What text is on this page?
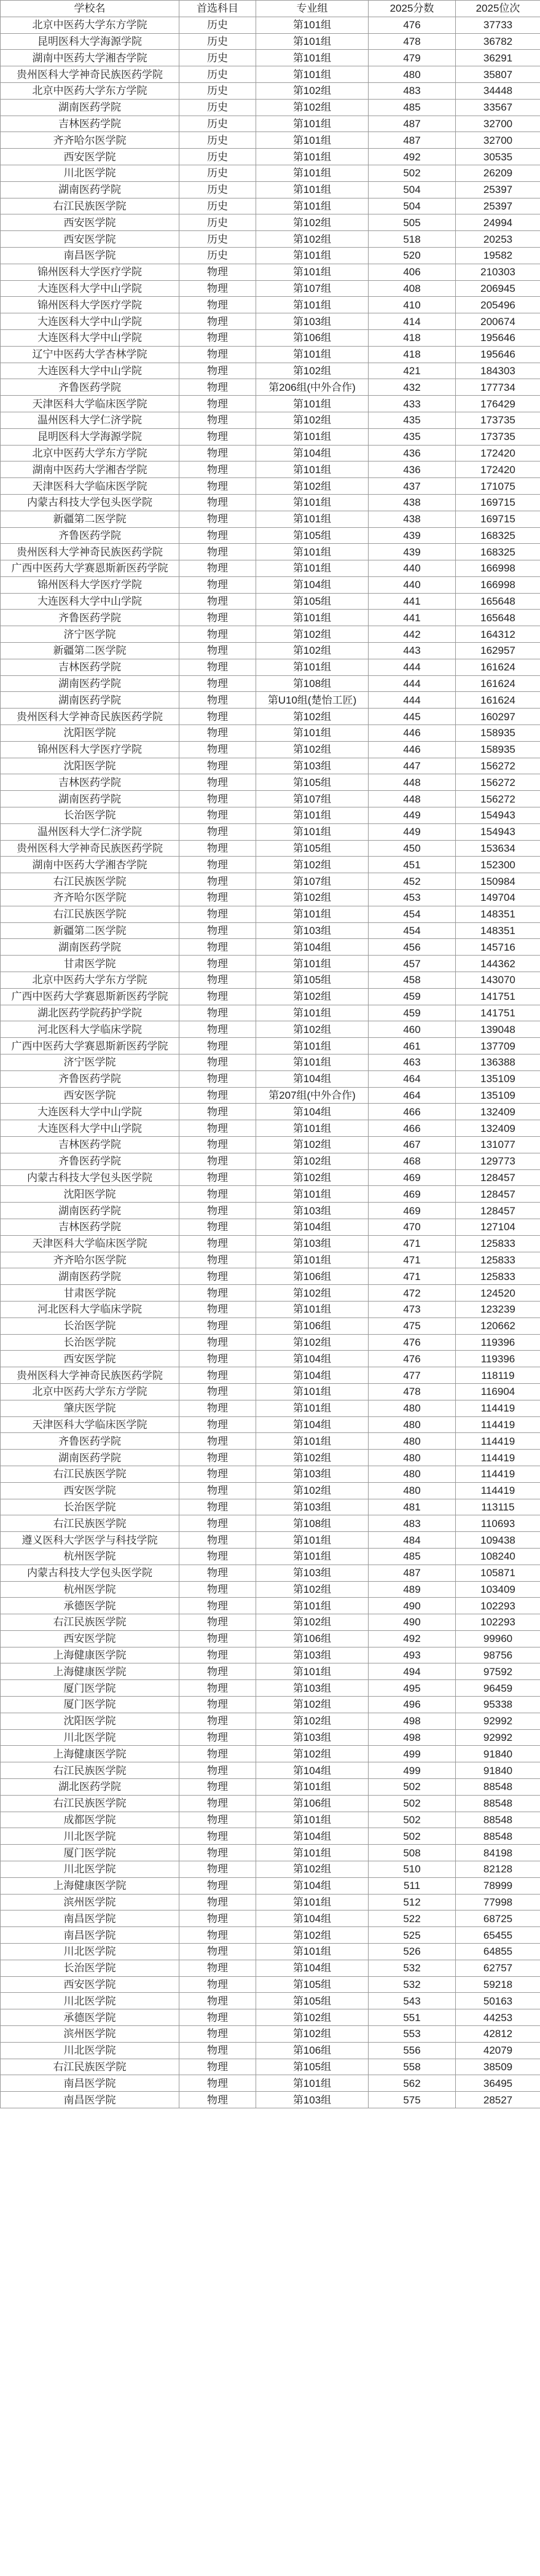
学校名	首选科目	专业组	2025分数	2025位次
北京中医药大学东方学院	历史	第101组	476	37733
昆明医科大学海源学院	历史	第101组	478	36782
湖南中医药大学湘杏学院	历史	第101组	479	36291
贵州医科大学神奇民族医药学院	历史	第101组	480	35807
北京中医药大学东方学院	历史	第102组	483	34448
湖南医药学院	历史	第102组	485	33567
吉林医药学院	历史	第101组	487	32700
齐齐哈尔医学院	历史	第101组	487	32700
西安医学院	历史	第101组	492	30535
川北医学院	历史	第101组	502	26209
湖南医药学院	历史	第101组	504	25397
右江民族医学院	历史	第101组	504	25397
西安医学院	历史	第102组	505	24994
西安医学院	历史	第102组	518	20253
南昌医学院	历史	第101组	520	19582
锦州医科大学医疗学院	物理	第101组	406	210303
大连医科大学中山学院	物理	第107组	408	206945
锦州医科大学医疗学院	物理	第101组	410	205496
大连医科大学中山学院	物理	第103组	414	200674
大连医科大学中山学院	物理	第106组	418	195646
辽宁中医药大学杏林学院	物理	第101组	418	195646
大连医科大学中山学院	物理	第102组	421	184303
齐鲁医药学院	物理	第206组(中外合作)	432	177734
天津医科大学临床医学院	物理	第101组	433	176429
温州医科大学仁济学院	物理	第102组	435	173735
昆明医科大学海源学院	物理	第101组	435	173735
北京中医药大学东方学院	物理	第104组	436	172420
湖南中医药大学湘杏学院	物理	第101组	436	172420
天津医科大学临床医学院	物理	第102组	437	171075
内蒙古科技大学包头医学院	物理	第101组	438	169715
新疆第二医学院	物理	第101组	438	169715
齐鲁医药学院	物理	第105组	439	168325
贵州医科大学神奇民族医药学院	物理	第101组	439	168325
广西中医药大学赛恩斯新医药学院	物理	第101组	440	166998
锦州医科大学医疗学院	物理	第104组	440	166998
大连医科大学中山学院	物理	第105组	441	165648
齐鲁医药学院	物理	第101组	441	165648
济宁医学院	物理	第102组	442	164312
新疆第二医学院	物理	第102组	443	162957
吉林医药学院	物理	第101组	444	161624
湖南医药学院	物理	第108组	444	161624
湖南医药学院	物理	第U10组(楚怡工匠)	444	161624
贵州医科大学神奇民族医药学院	物理	第102组	445	160297
沈阳医学院	物理	第101组	446	158935
锦州医科大学医疗学院	物理	第102组	446	158935
沈阳医学院	物理	第103组	447	156272
吉林医药学院	物理	第105组	448	156272
湖南医药学院	物理	第107组	448	156272
长治医学院	物理	第101组	449	154943
温州医科大学仁济学院	物理	第101组	449	154943
贵州医科大学神奇民族医药学院	物理	第105组	450	153634
湖南中医药大学湘杏学院	物理	第102组	451	152300
右江民族医学院	物理	第107组	452	150984
齐齐哈尔医学院	物理	第102组	453	149704
右江民族医学院	物理	第101组	454	148351
新疆第二医学院	物理	第103组	454	148351
湖南医药学院	物理	第104组	456	145716
甘肃医学院	物理	第101组	457	144362
北京中医药大学东方学院	物理	第105组	458	143070
广西中医药大学赛恩斯新医药学院	物理	第102组	459	141751
湖北医药学院药护学院	物理	第101组	459	141751
河北医科大学临床学院	物理	第102组	460	139048
广西中医药大学赛恩斯新医药学院	物理	第101组	461	137709
济宁医学院	物理	第101组	463	136388
齐鲁医药学院	物理	第104组	464	135109
西安医学院	物理	第207组(中外合作)	464	135109
大连医科大学中山学院	物理	第104组	466	132409
大连医科大学中山学院	物理	第101组	466	132409
吉林医药学院	物理	第102组	467	131077
齐鲁医药学院	物理	第102组	468	129773
内蒙古科技大学包头医学院	物理	第102组	469	128457
沈阳医学院	物理	第101组	469	128457
湖南医药学院	物理	第103组	469	128457
吉林医药学院	物理	第104组	470	127104
天津医科大学临床医学院	物理	第103组	471	125833
齐齐哈尔医学院	物理	第101组	471	125833
湖南医药学院	物理	第106组	471	125833
甘肃医学院	物理	第102组	472	124520
河北医科大学临床学院	物理	第101组	473	123239
长治医学院	物理	第106组	475	120662
长治医学院	物理	第102组	476	119396
西安医学院	物理	第104组	476	119396
贵州医科大学神奇民族医药学院	物理	第104组	477	118119
北京中医药大学东方学院	物理	第101组	478	116904
肇庆医学院	物理	第101组	480	114419
天津医科大学临床医学院	物理	第104组	480	114419
齐鲁医药学院	物理	第101组	480	114419
湖南医药学院	物理	第102组	480	114419
右江民族医学院	物理	第103组	480	114419
西安医学院	物理	第102组	480	114419
长治医学院	物理	第103组	481	113115
右江民族医学院	物理	第108组	483	110693
遵义医科大学医学与科技学院	物理	第101组	484	109438
杭州医学院	物理	第101组	485	108240
内蒙古科技大学包头医学院	物理	第103组	487	105871
杭州医学院	物理	第102组	489	103409
承德医学院	物理	第101组	490	102293
右江民族医学院	物理	第102组	490	102293
西安医学院	物理	第106组	492	99960
上海健康医学院	物理	第103组	493	98756
上海健康医学院	物理	第101组	494	97592
厦门医学院	物理	第103组	495	96459
厦门医学院	物理	第102组	496	95338
沈阳医学院	物理	第102组	498	92992
川北医学院	物理	第103组	498	92992
上海健康医学院	物理	第102组	499	91840
右江民族医学院	物理	第104组	499	91840
湖北医药学院	物理	第101组	502	88548
右江民族医学院	物理	第106组	502	88548
成都医学院	物理	第101组	502	88548
川北医学院	物理	第104组	502	88548
厦门医学院	物理	第101组	508	84198
川北医学院	物理	第102组	510	82128
上海健康医学院	物理	第104组	511	78999
滨州医学院	物理	第101组	512	77998
南昌医学院	物理	第104组	522	68725
南昌医学院	物理	第102组	525	65455
川北医学院	物理	第101组	526	64855
长治医学院	物理	第104组	532	62757
西安医学院	物理	第105组	532	59218
川北医学院	物理	第105组	543	50163
承德医学院	物理	第102组	551	44253
滨州医学院	物理	第102组	553	42812
川北医学院	物理	第106组	556	42079
右江民族医学院	物理	第105组	558	38509
南昌医学院	物理	第101组	562	36495
南昌医学院	物理	第103组	575	28527
